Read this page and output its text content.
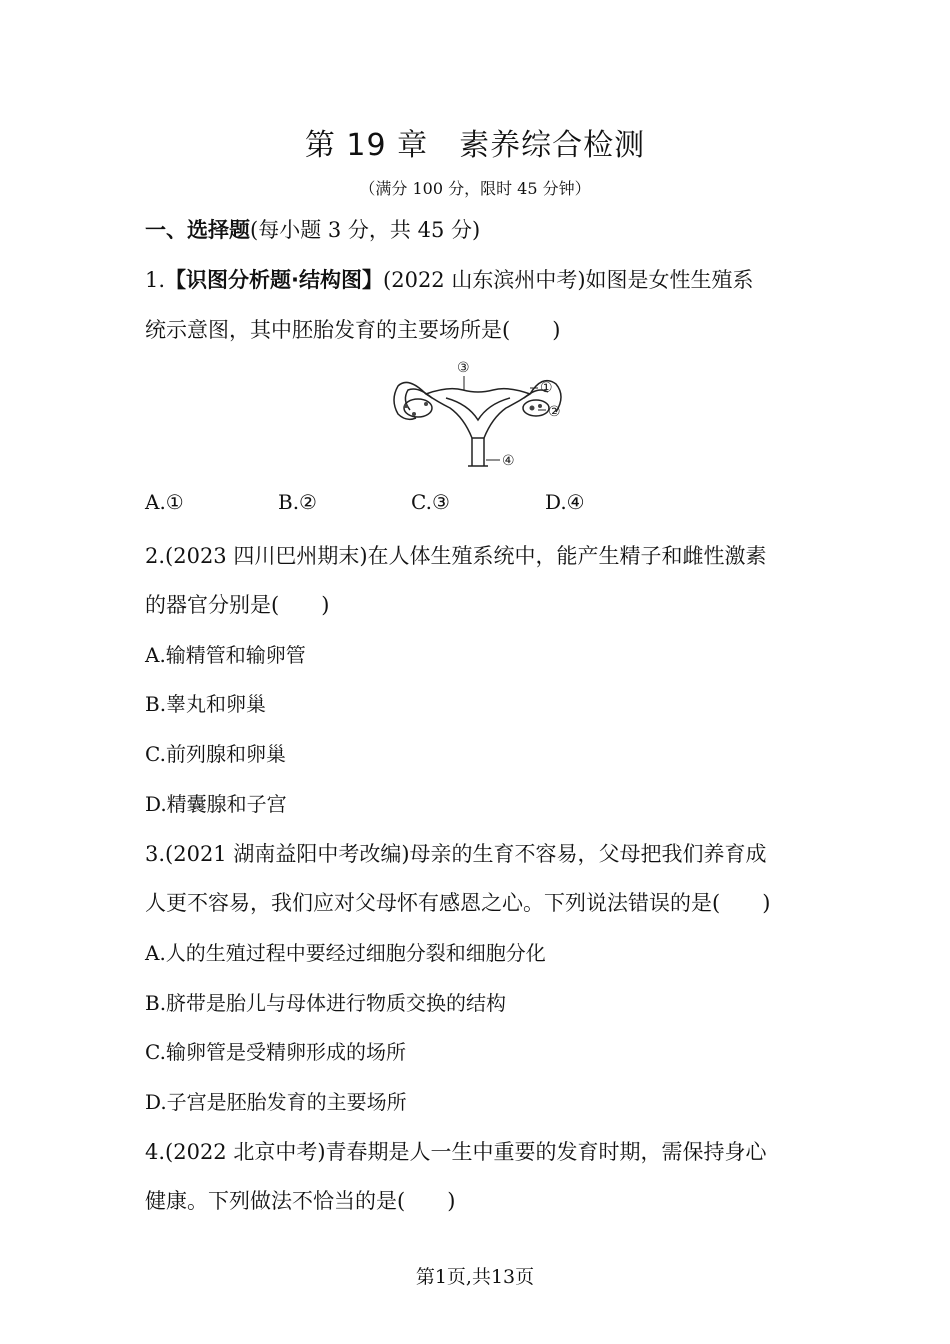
第 19 章　素养综合检测
（满分 100 分，限时 45 分钟）
一、选择题(每小题 3 分，共 45 分)
1.【识图分析题·结构图】(2022 山东滨州中考)如图是女性生殖系
统示意图，其中胚胎发育的主要场所是(　　)
③
①
②
④
A.①	B.②	C.③	D.④
2.(2023 四川巴州期末)在人体生殖系统中，能产生精子和雌性激素
的器官分别是(　　)
A.输精管和输卵管
B.睾丸和卵巢
C.前列腺和卵巢
D.精囊腺和子宫
3.(2021 湖南益阳中考改编)母亲的生育不容易，父母把我们养育成
人更不容易，我们应对父母怀有感恩之心。下列说法错误的是(　　)
A.人的生殖过程中要经过细胞分裂和细胞分化
B.脐带是胎儿与母体进行物质交换的结构
C.输卵管是受精卵形成的场所
D.子宫是胚胎发育的主要场所
4.(2022 北京中考)青春期是人一生中重要的发育时期，需保持身心
健康。下列做法不恰当的是(　　)
第1页,共13页
